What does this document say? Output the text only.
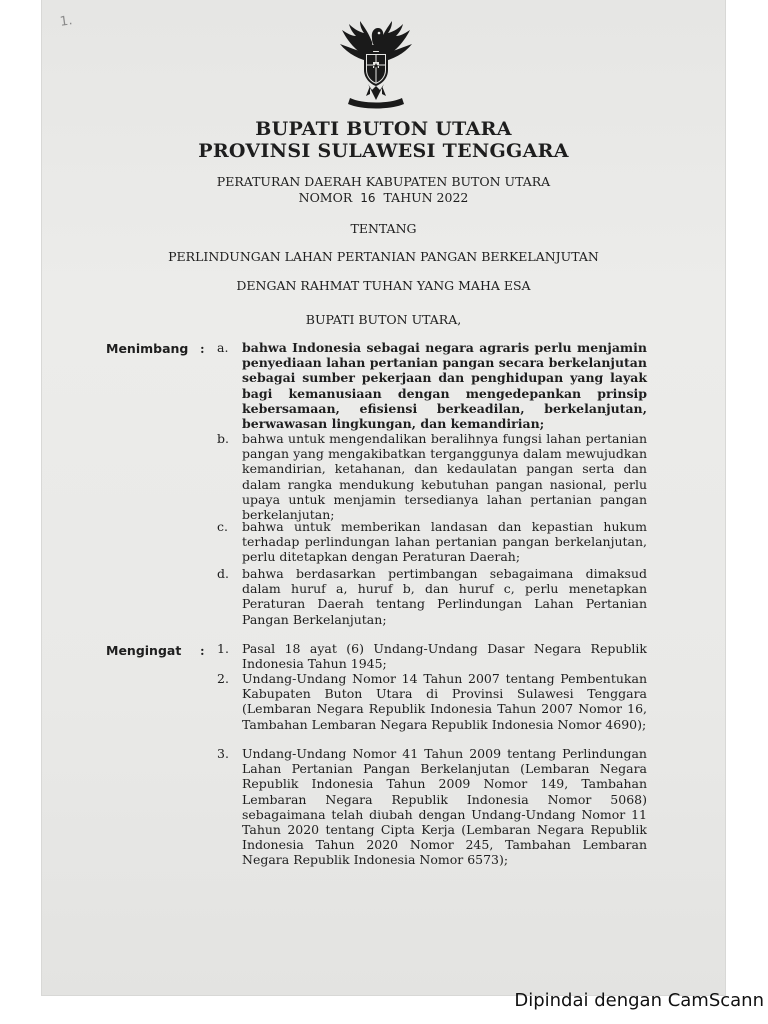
1.
BUPATI BUTON UTARA
PROVINSI SULAWESI TENGGARA
PERATURAN DAERAH KABUPATEN BUTON UTARA
NOMOR 16 TAHUN 2022
TENTANG
PERLINDUNGAN LAHAN PERTANIAN PANGAN BERKELANJUTAN
DENGAN RAHMAT TUHAN YANG MAHA ESA
BUPATI BUTON UTARA,
Menimbang : a.	bahwa Indonesia sebagai negara agraris perlu menjamin penyediaan lahan pertanian pangan secara berkelanjutan sebagai sumber pekerjaan dan penghidupan yang layak bagi kemanusiaan dengan mengedepankan prinsip kebersamaan, efisiensi berkeadilan, berkelanjutan, berwawasan lingkungan, dan kemandirian;
b.	bahwa untuk mengendalikan beralihnya fungsi lahan pertanian pangan yang mengakibatkan terganggunya dalam mewujudkan kemandirian, ketahanan, dan kedaulatan pangan serta dan dalam rangka mendukung kebutuhan pangan nasional, perlu upaya untuk menjamin tersedianya lahan pertanian pangan berkelanjutan;
c.	bahwa untuk memberikan landasan dan kepastian hukum terhadap perlindungan lahan pertanian pangan berkelanjutan, perlu ditetapkan dengan Peraturan Daerah;
d.	bahwa berdasarkan pertimbangan sebagaimana dimaksud dalam huruf a, huruf b, dan huruf c, perlu menetapkan Peraturan Daerah tentang Perlindungan Lahan Pertanian Pangan Berkelanjutan;
Mengingat : 1.	Pasal 18 ayat (6) Undang-Undang Dasar Negara Republik Indonesia Tahun 1945;
2.	Undang-Undang Nomor 14 Tahun 2007 tentang Pembentukan Kabupaten Buton Utara di Provinsi Sulawesi Tenggara (Lembaran Negara Republik Indonesia Tahun 2007 Nomor 16, Tambahan Lembaran Negara Republik Indonesia Nomor 4690);
3.	Undang-Undang Nomor 41 Tahun 2009 tentang Perlindungan Lahan Pertanian Pangan Berkelanjutan (Lembaran Negara Republik Indonesia Tahun 2009 Nomor 149, Tambahan Lembaran Negara Republik Indonesia Nomor 5068) sebagaimana telah diubah dengan Undang-Undang Nomor 11 Tahun 2020 tentang Cipta Kerja (Lembaran Negara Republik Indonesia Tahun 2020 Nomor 245, Tambahan Lembaran Negara Republik Indonesia Nomor 6573);
Dipindai dengan CamScann
